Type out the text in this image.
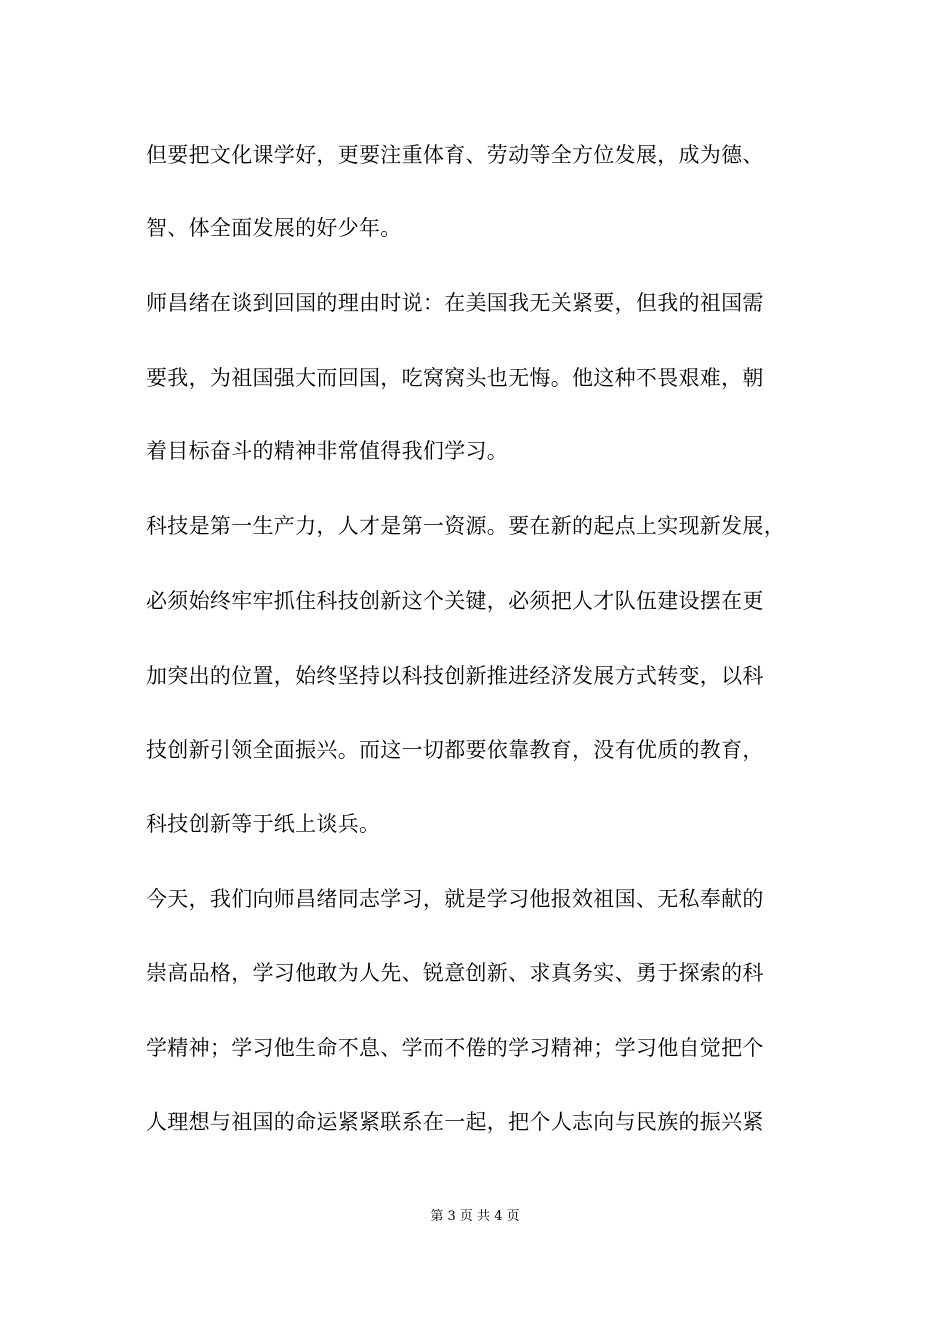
但要把文化课学好，更要注重体育、劳动等全方位发展，成为德、
智、体全面发展的好少年。
师昌绪在谈到回国的理由时说：在美国我无关紧要，但我的祖国需
要我，为祖国强大而回国，吃窝窝头也无悔。他这种不畏艰难，朝
着目标奋斗的精神非常值得我们学习。
科技是第一生产力，人才是第一资源。要在新的起点上实现新发展，
必须始终牢牢抓住科技创新这个关键，必须把人才队伍建设摆在更
加突出的位置，始终坚持以科技创新推进经济发展方式转变，以科
技创新引领全面振兴。而这一切都要依靠教育，没有优质的教育，
科技创新等于纸上谈兵。
今天，我们向师昌绪同志学习，就是学习他报效祖国、无私奉献的
崇高品格，学习他敢为人先、锐意创新、求真务实、勇于探索的科
学精神；学习他生命不息、学而不倦的学习精神；学习他自觉把个
人理想与祖国的命运紧紧联系在一起，把个人志向与民族的振兴紧
第 3 页 共 4 页
